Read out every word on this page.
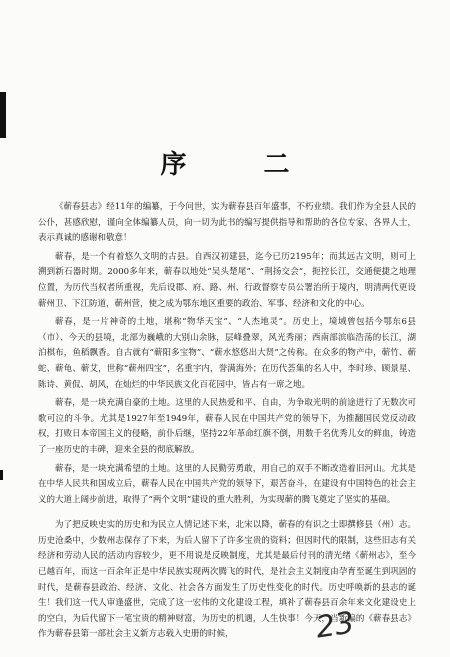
序 二

《蕲春县志》经11年的编纂，于今问世，实为蕲春县百年盛事，不朽业绩。我们作为全县人民的公仆，甚感欣慰，谨向全体编纂人员，向一切为此书的编写提供指导和帮助的各位专家、各界人士，表示真诚的感谢和敬意！

蕲春，是一个有着悠久文明的古县。自西汉初建县，迄今已历2195年；而其远古文明，则可上溯到新石器时期。2000多年来，蕲春以地处“吴头楚尾”、“荆扬交会”，扼控长江，交通便捷之地理位置，为历代当权者所重视，先后设郡、府、路、州、行政督察专员公署治所于境内，明清两代更设蕲州卫、下江防道，蕲州营，使之成为鄂东地区重要的政治、军事、经济和文化的中心。

蕲春，是一片神奇的土地，堪称“物华天宝”、“人杰地灵”。历史上，境域曾包括今鄂东6县（市）、今天的县境，北部为巍峨的大别山余脉，层峰叠翠，风光秀丽；西南部滨临浩荡的长江，湖泊棋布，鱼稻飘香。自古就有“蕲阳多宝物”、“蕲水悠悠出大贤”之传称。在众多的物产中，蕲竹、蕲蛇、蕲龟、蕲艾，世称“蕲州四宝”，名重宇内，誉满海外；在历代荟集的名人中，李时珍、顾景星、陈诗、黄侃、胡风，在灿烂的中华民族文化百花园中，皆占有一席之地。

蕲春，是一块充满自豪的土地。这里的人民热爱和平、自由，为争取光明的前途进行了无数次可歌可泣的斗争。尤其是1927年至1949年，蕲春人民在中国共产党的领导下，为推翻国民党反动政权，打败日本帝国主义的侵略，前仆后继，坚持22年革命红旗不倒，用数千名优秀儿女的鲜血，铸造了一座历史的丰碑，迎来全县的彻底解放。

蕲春，是一块充满希望的土地。这里的人民勤劳勇敢，用自己的双手不断改造着旧河山。尤其是在中华人民共和国成立后，蕲春人民在中国共产党的领导下，艰苦奋斗，在建设有中国特色的社会主义的大道上阔步前进，取得了“两个文明”建设的重大胜利，为实现蕲的腾飞奠定了坚实的基础。

为了把反映史实的历史和为民立人情记述下来，北宋以降，蕲春的有识之士即撰修县（州）志。历史沧桑中，少数州志保存了下来，为后人留下了许多宝贵的资料；但因时代的限制，这些旧志有关经济和劳动人民的活动内容较少，更不用说是反映制度，尤其是最后付刊的清光绪《蕲州志》，至今已越百年，而这一百余年正是中华民族实现两次腾飞的时代，是社会主义制度由孕育至诞生到巩固的时代，是蕲春县政治、经济、文化、社会各方面发生了历史性变化的时代。历史呼唤新的县志的诞生！我们这一代人审逢盛世，完成了这一宏伟的文化建设工程，填补了蕲春县百余年来文化建设史上的空白，为后代留下一笔宝贵的精神财富，为历史的机遇，人生快事！今天，当新编的《蕲春县志》作为蕲春县第一部社会主义新方志载入史册的时候，	23
